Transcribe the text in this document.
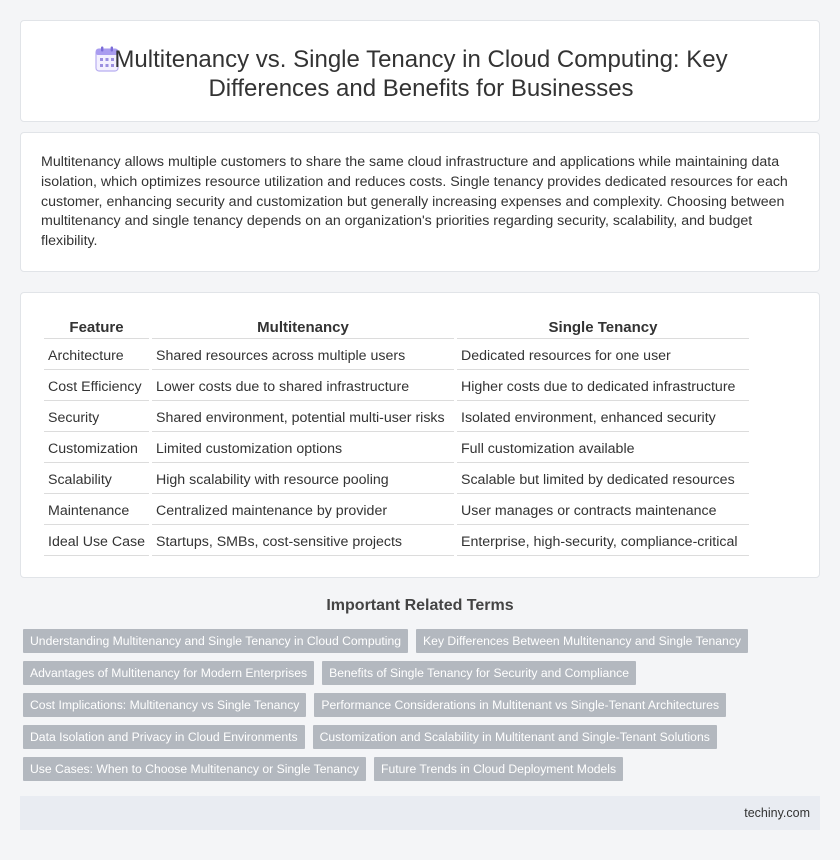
Multitenancy vs. Single Tenancy in Cloud Computing: Key Differences and Benefits for Businesses

Multitenancy allows multiple customers to share the same cloud infrastructure and applications while maintaining data isolation, which optimizes resource utilization and reduces costs. Single tenancy provides dedicated resources for each customer, enhancing security and customization but generally increasing expenses and complexity. Choosing between multitenancy and single tenancy depends on an organization's priorities regarding security, scalability, and budget flexibility.

Feature	Multitenancy	Single Tenancy
Architecture	Shared resources across multiple users	Dedicated resources for one user
Cost Efficiency	Lower costs due to shared infrastructure	Higher costs due to dedicated infrastructure
Security	Shared environment, potential multi-user risks	Isolated environment, enhanced security
Customization	Limited customization options	Full customization available
Scalability	High scalability with resource pooling	Scalable but limited by dedicated resources
Maintenance	Centralized maintenance by provider	User manages or contracts maintenance
Ideal Use Case	Startups, SMBs, cost-sensitive projects	Enterprise, high-security, compliance-critical
Important Related Terms
Understanding Multitenancy and Single Tenancy in Cloud Computing	Key Differences Between Multitenancy and Single Tenancy
Advantages of Multitenancy for Modern Enterprises	Benefits of Single Tenancy for Security and Compliance
Cost Implications: Multitenancy vs Single Tenancy	Performance Considerations in Multitenant vs Single-Tenant Architectures
Data Isolation and Privacy in Cloud Environments	Customization and Scalability in Multitenant and Single-Tenant Solutions
Use Cases: When to Choose Multitenancy or Single Tenancy	Future Trends in Cloud Deployment Models
techiny.com
